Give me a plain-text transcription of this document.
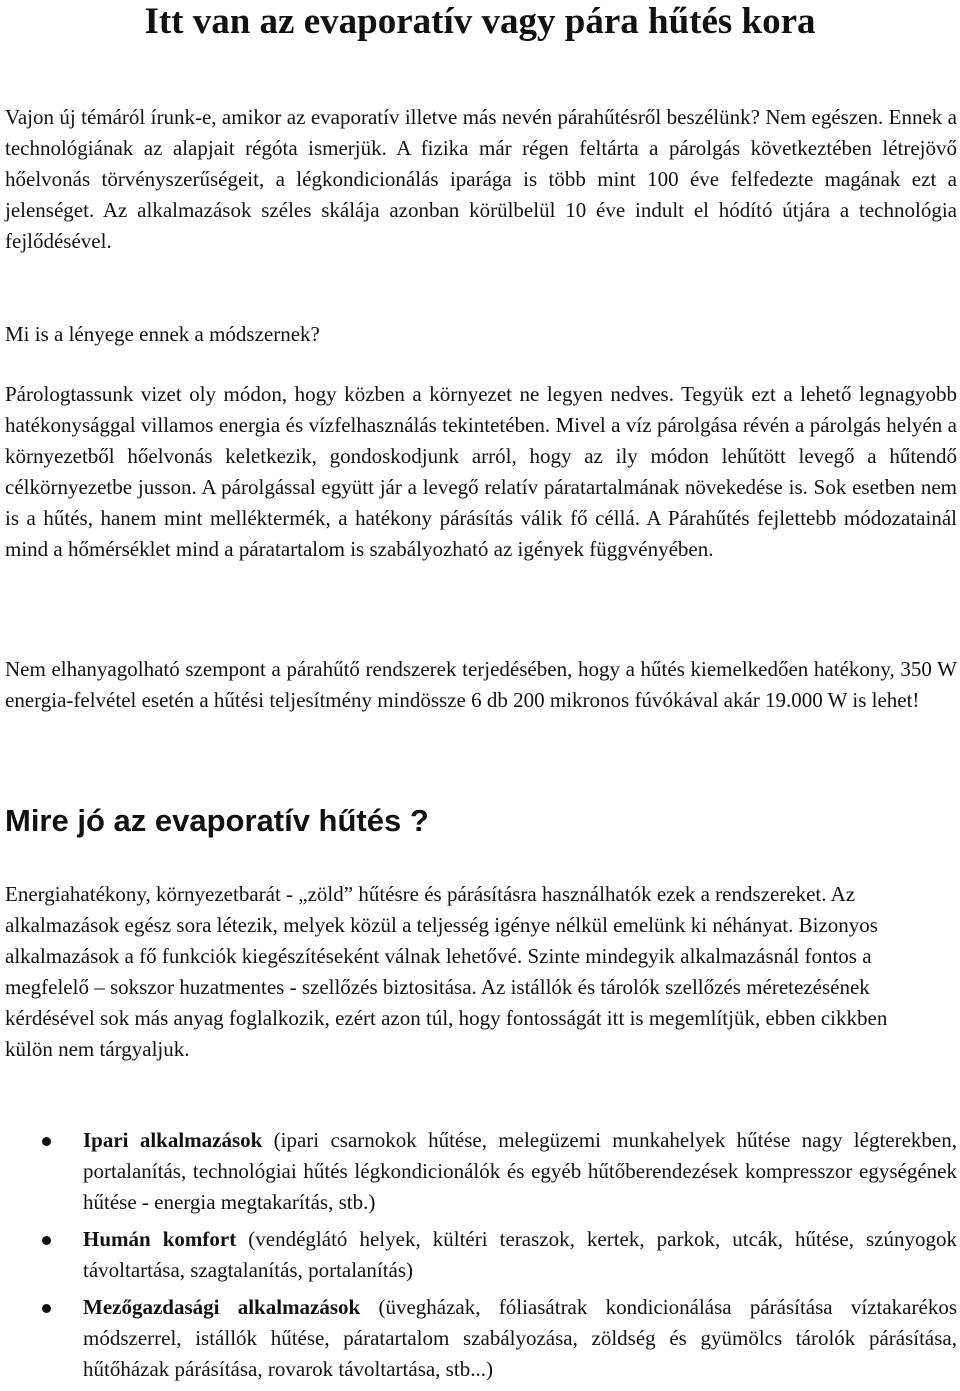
Itt van az evaporatív vagy pára hűtés kora

Vajon új témáról írunk-e, amikor az evaporatív illetve más nevén párahűtésről beszélünk? Nem egészen. Ennek a technológiának az alapjait régóta ismerjük. A fizika már régen feltárta a párolgás következtében létrejövő hőelvonás törvényszerűségeit, a légkondicionálás iparága is több mint 100 éve felfedezte magának ezt a jelenséget. Az alkalmazások széles skálája azonban körülbelül 10 éve indult el hódító útjára a technológia fejlődésével.

Mi is a lényege ennek a módszernek?

Párologtassunk vizet oly módon, hogy közben a környezet ne legyen nedves. Tegyük ezt a lehető legnagyobb hatékonysággal villamos energia és vízfelhasználás tekintetében. Mivel a víz párolgása révén a párolgás helyén a környezetből hőelvonás keletkezik, gondoskodjunk arról, hogy az ily módon lehűtött levegő a hűtendő célkörnyezetbe jusson. A párolgással együtt jár a levegő relatív páratartalmának növekedése is. Sok esetben nem is a hűtés, hanem mint melléktermék, a hatékony párásítás válik fő céllá. A Párahűtés fejlettebb módozatainál mind a hőmérséklet mind a páratartalom is szabályozható az igények függvényében.

Nem elhanyagolható szempont a párahűtő rendszerek terjedésében, hogy a hűtés kiemelkedően hatékony, 350 W energia-felvétel esetén a hűtési teljesítmény mindössze 6 db 200 mikronos fúvókával akár 19.000 W is lehet!

Mire jó az evaporatív hűtés ?

Energiahatékony, környezetbarát - „zöld” hűtésre és párásításra használhatók ezek a rendszereket. Az alkalmazások egész sora létezik, melyek közül a teljesség igénye nélkül emelünk ki néhányat. Bizonyos alkalmazások a fő funkciók kiegészítéseként válnak lehetővé. Szinte mindegyik alkalmazásnál fontos a megfelelő – sokszor huzatmentes - szellőzés biztositása. Az istállók és tárolók szellőzés méretezésének kérdésével sok más anyag foglalkozik, ezért azon túl, hogy fontosságát itt is megemlítjük, ebben cikkben külön nem tárgyaljuk.

Ipari alkalmazások (ipari csarnokok hűtése, melegüzemi munkahelyek hűtése nagy légterekben, portalanítás, technológiai hűtés légkondicionálók és egyéb hűtőberendezések kompresszor egységének hűtése - energia megtakarítás, stb.)
Humán komfort (vendéglátó helyek, kültéri teraszok, kertek, parkok, utcák, hűtése, szúnyogok távoltartása, szagtalanítás, portalanítás)
Mezőgazdasági alkalmazások (üvegházak, fóliasátrak kondicionálása párásítása víztakarékos módszerrel, istállók hűtése, páratartalom szabályozása, zöldség és gyümölcs tárolók párásítása, hűtőházak párásítása, rovarok távoltartása, stb...)
